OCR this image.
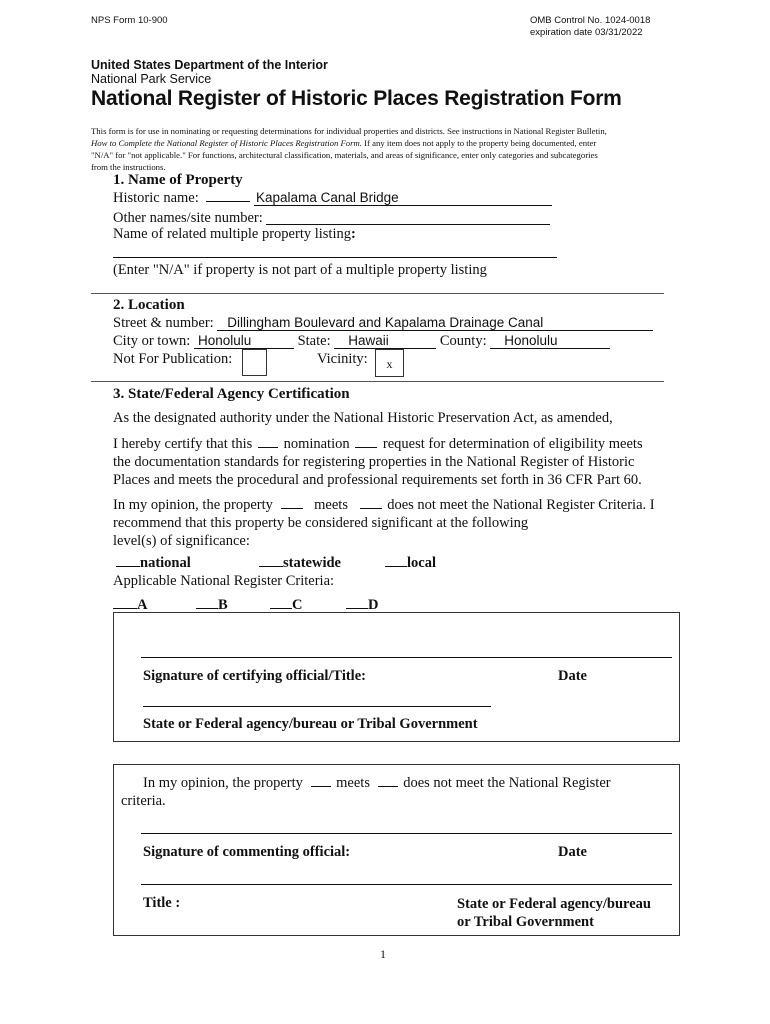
NPS Form 10-900	OMB Control No. 1024-0018
expiration date 03/31/2022
United States Department of the Interior
National Park Service
National Register of Historic Places Registration Form
This form is for use in nominating or requesting determinations for individual properties and districts. See instructions in National Register Bulletin,
How to Complete the National Register of Historic Places Registration Form. If any item does not apply to the property being documented, enter
"N/A" for "not applicable." For functions, architectural classification, materials, and areas of significance, enter only categories and subcategories
from the instructions.
1. Name of Property
Historic name:	Kapalama Canal Bridge
Other names/site number:
Name of related multiple property listing:
(Enter "N/A" if property is not part of a multiple property listing
2. Location
Street & number: Dillingham Boulevard and Kapalama Drainage Canal
City or town: Honolulu	State: Hawaii	County: Honolulu
Not For Publication:	Vicinity:	x
3. State/Federal Agency Certification
As the designated authority under the National Historic Preservation Act, as amended,
I hereby certify that this nomination request for determination of eligibility meets
the documentation standards for registering properties in the National Register of Historic
Places and meets the procedural and professional requirements set forth in 36 CFR Part 60.
In my opinion, the property	meets	does not meet the National Register Criteria. I
recommend that this property be considered significant at the following
level(s) of significance:
national	statewide	local
Applicable National Register Criteria:
A	B	C	D
Signature of certifying official/Title:	Date
State or Federal agency/bureau or Tribal Government
In my opinion, the property meets does not meet the National Register
criteria.
Signature of commenting official:	Date
Title :	State or Federal agency/bureau
or Tribal Government
1
